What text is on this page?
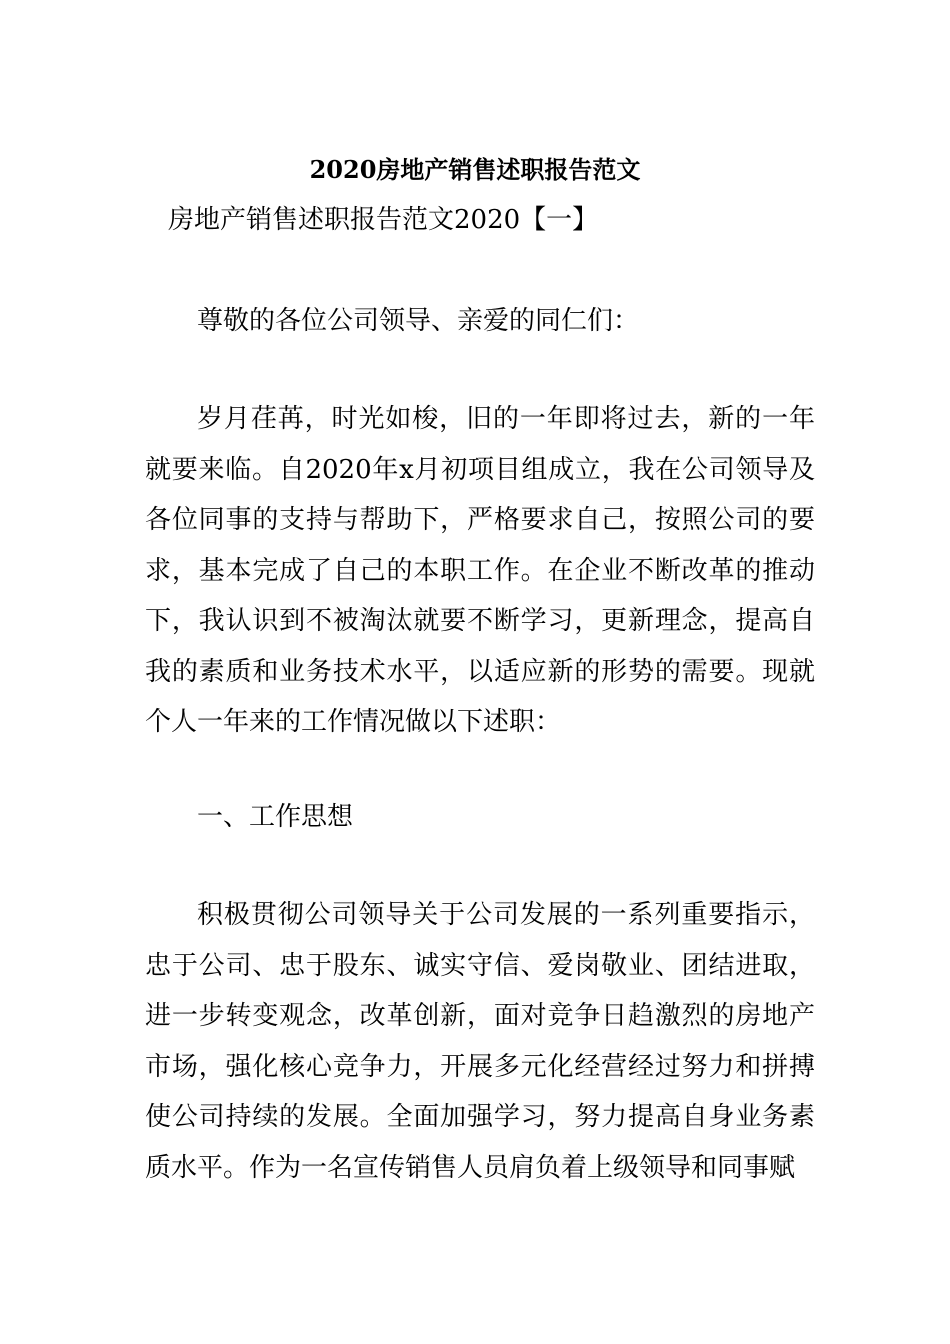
2020房地产销售述职报告范文
房地产销售述职报告范文2020【一】

尊敬的各位公司领导、亲爱的同仁们：

岁月荏苒，时光如梭，旧的一年即将过去，新的一年就要来临。自2020年x月初项目组成立，我在公司领导及各位同事的支持与帮助下，严格要求自己，按照公司的要求，基本完成了自己的本职工作。在企业不断改革的推动下，我认识到不被淘汰就要不断学习，更新理念，提高自我的素质和业务技术水平，以适应新的形势的需要。现就个人一年来的工作情况做以下述职：

一、工作思想

积极贯彻公司领导关于公司发展的一系列重要指示，忠于公司、忠于股东、诚实守信、爱岗敬业、团结进取，进一步转变观念，改革创新，面对竞争日趋激烈的房地产市场，强化核心竞争力，开展多元化经营经过努力和拼搏使公司持续的发展。全面加强学习，努力提高自身业务素质水平。作为一名宣传销售人员肩负着上级领导和同事赋
